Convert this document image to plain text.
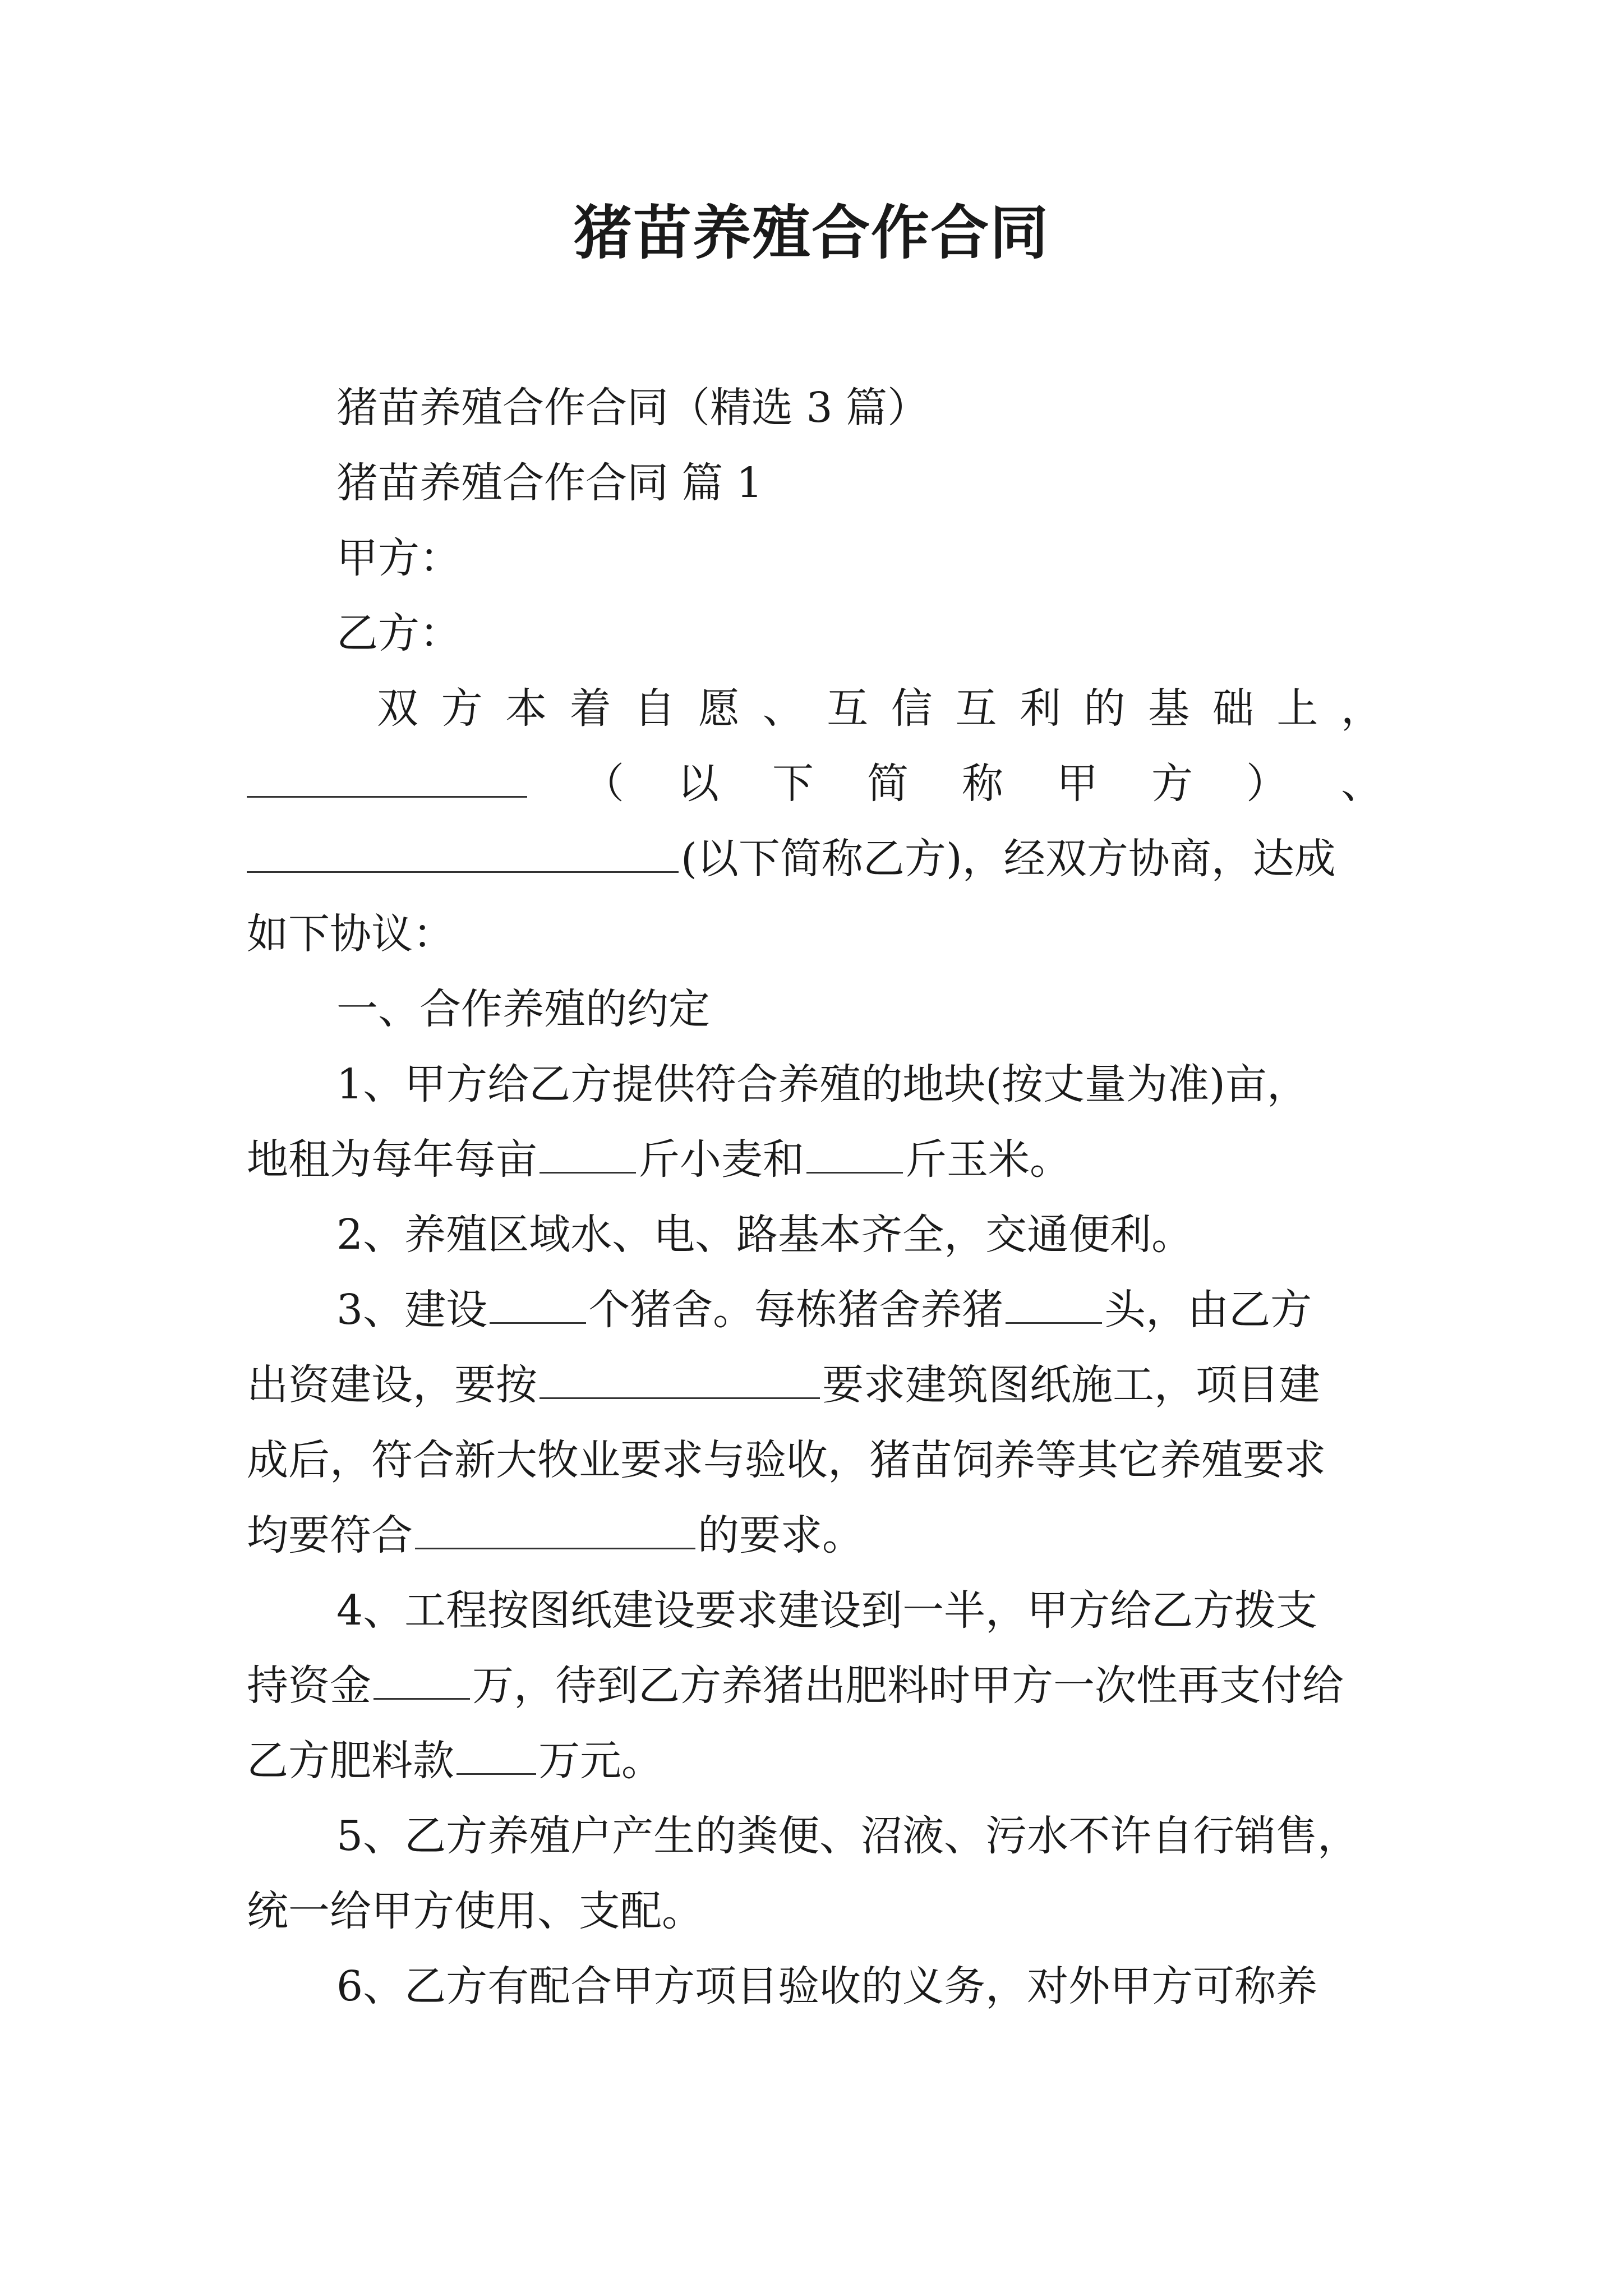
猪苗养殖合作合同

猪苗养殖合作合同（精选 3 篇）

猪苗养殖合作合同 篇 1

甲方：

乙方：

双 方 本 着 自 愿 、 互 信 互 利 的 基 础 上 ，

（ 以 下 简 称 甲 方 ） 、

(以下简称乙方)，经双方协商，达成

如下协议：

一、合作养殖的约定

1、甲方给乙方提供符合养殖的地块(按丈量为准)亩，

地租为每年每亩 斤小麦和 斤玉米。

2、养殖区域水、电、路基本齐全，交通便利。

3、建设 个猪舍。每栋猪舍养猪 头，由乙方

出资建设，要按	要求建筑图纸施工，项目建

成后，符合新大牧业要求与验收，猪苗饲养等其它养殖要求

均要符合	的要求。

4、工程按图纸建设要求建设到一半，甲方给乙方拨支

持资金 万，待到乙方养猪出肥料时甲方一次性再支付给

乙方肥料款 万元。

5、乙方养殖户产生的粪便、沼液、污水不许自行销售，

统一给甲方使用、支配。

6、乙方有配合甲方项目验收的义务，对外甲方可称养
